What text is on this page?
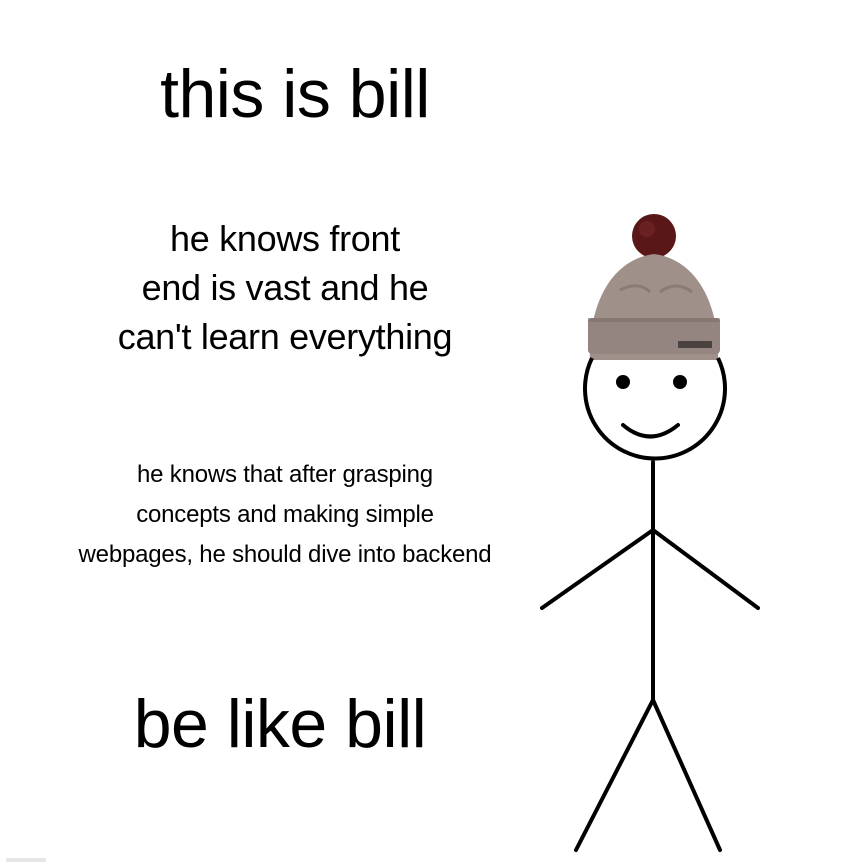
this is bill
he knows front
end is vast and he
can't learn everything
he knows that after grasping
concepts and making simple
webpages, he should dive into backend
be like bill
